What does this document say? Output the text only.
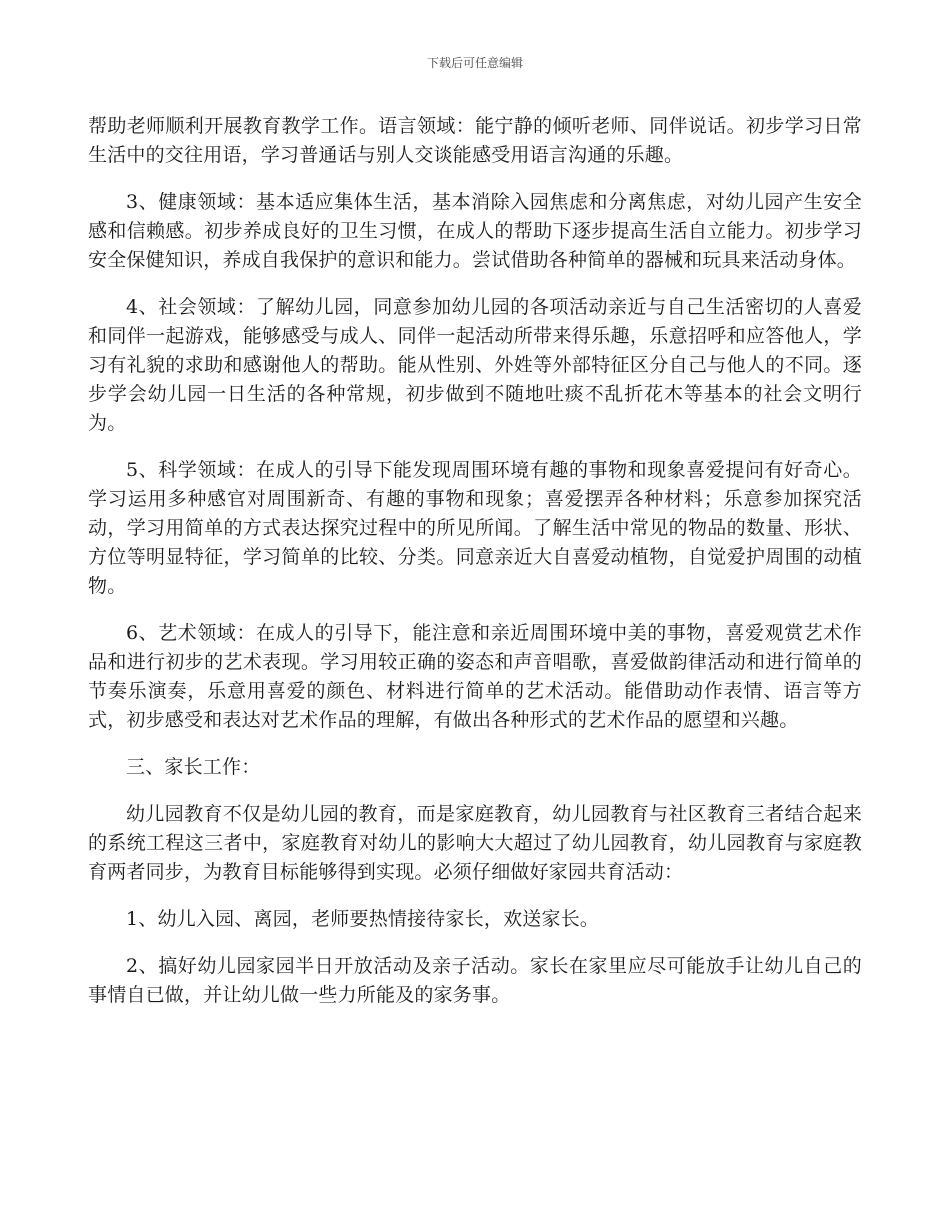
下载后可任意编辑

帮助老师顺利开展教育教学工作。语言领域：能宁静的倾听老师、同伴说话。初步学习日常生活中的交往用语，学习普通话与别人交谈能感受用语言沟通的乐趣。

3、健康领域：基本适应集体生活，基本消除入园焦虑和分离焦虑，对幼儿园产生安全感和信赖感。初步养成良好的卫生习惯，在成人的帮助下逐步提高生活自立能力。初步学习安全保健知识，养成自我保护的意识和能力。尝试借助各种简单的器械和玩具来活动身体。

4、社会领域：了解幼儿园，同意参加幼儿园的各项活动亲近与自己生活密切的人喜爱和同伴一起游戏，能够感受与成人、同伴一起活动所带来得乐趣，乐意招呼和应答他人，学习有礼貌的求助和感谢他人的帮助。能从性别、外姓等外部特征区分自己与他人的不同。逐步学会幼儿园一日生活的各种常规，初步做到不随地吐痰不乱折花木等基本的社会文明行为。

5、科学领域：在成人的引导下能发现周围环境有趣的事物和现象喜爱提问有好奇心。学习运用多种感官对周围新奇、有趣的事物和现象；喜爱摆弄各种材料；乐意参加探究活动，学习用简单的方式表达探究过程中的所见所闻。了解生活中常见的物品的数量、形状、方位等明显特征，学习简单的比较、分类。同意亲近大自喜爱动植物，自觉爱护周围的动植物。

6、艺术领域：在成人的引导下，能注意和亲近周围环境中美的事物，喜爱观赏艺术作品和进行初步的艺术表现。学习用较正确的姿态和声音唱歌，喜爱做韵律活动和进行简单的节奏乐演奏，乐意用喜爱的颜色、材料进行简单的艺术活动。能借助动作表情、语言等方式，初步感受和表达对艺术作品的理解，有做出各种形式的艺术作品的愿望和兴趣。

三、家长工作：

幼儿园教育不仅是幼儿园的教育，而是家庭教育，幼儿园教育与社区教育三者结合起来的系统工程这三者中，家庭教育对幼儿的影响大大超过了幼儿园教育，幼儿园教育与家庭教育两者同步，为教育目标能够得到实现。必须仔细做好家园共育活动：

1、幼儿入园、离园，老师要热情接待家长，欢送家长。

2、搞好幼儿园家园半日开放活动及亲子活动。家长在家里应尽可能放手让幼儿自己的事情自已做，并让幼儿做一些力所能及的家务事。
